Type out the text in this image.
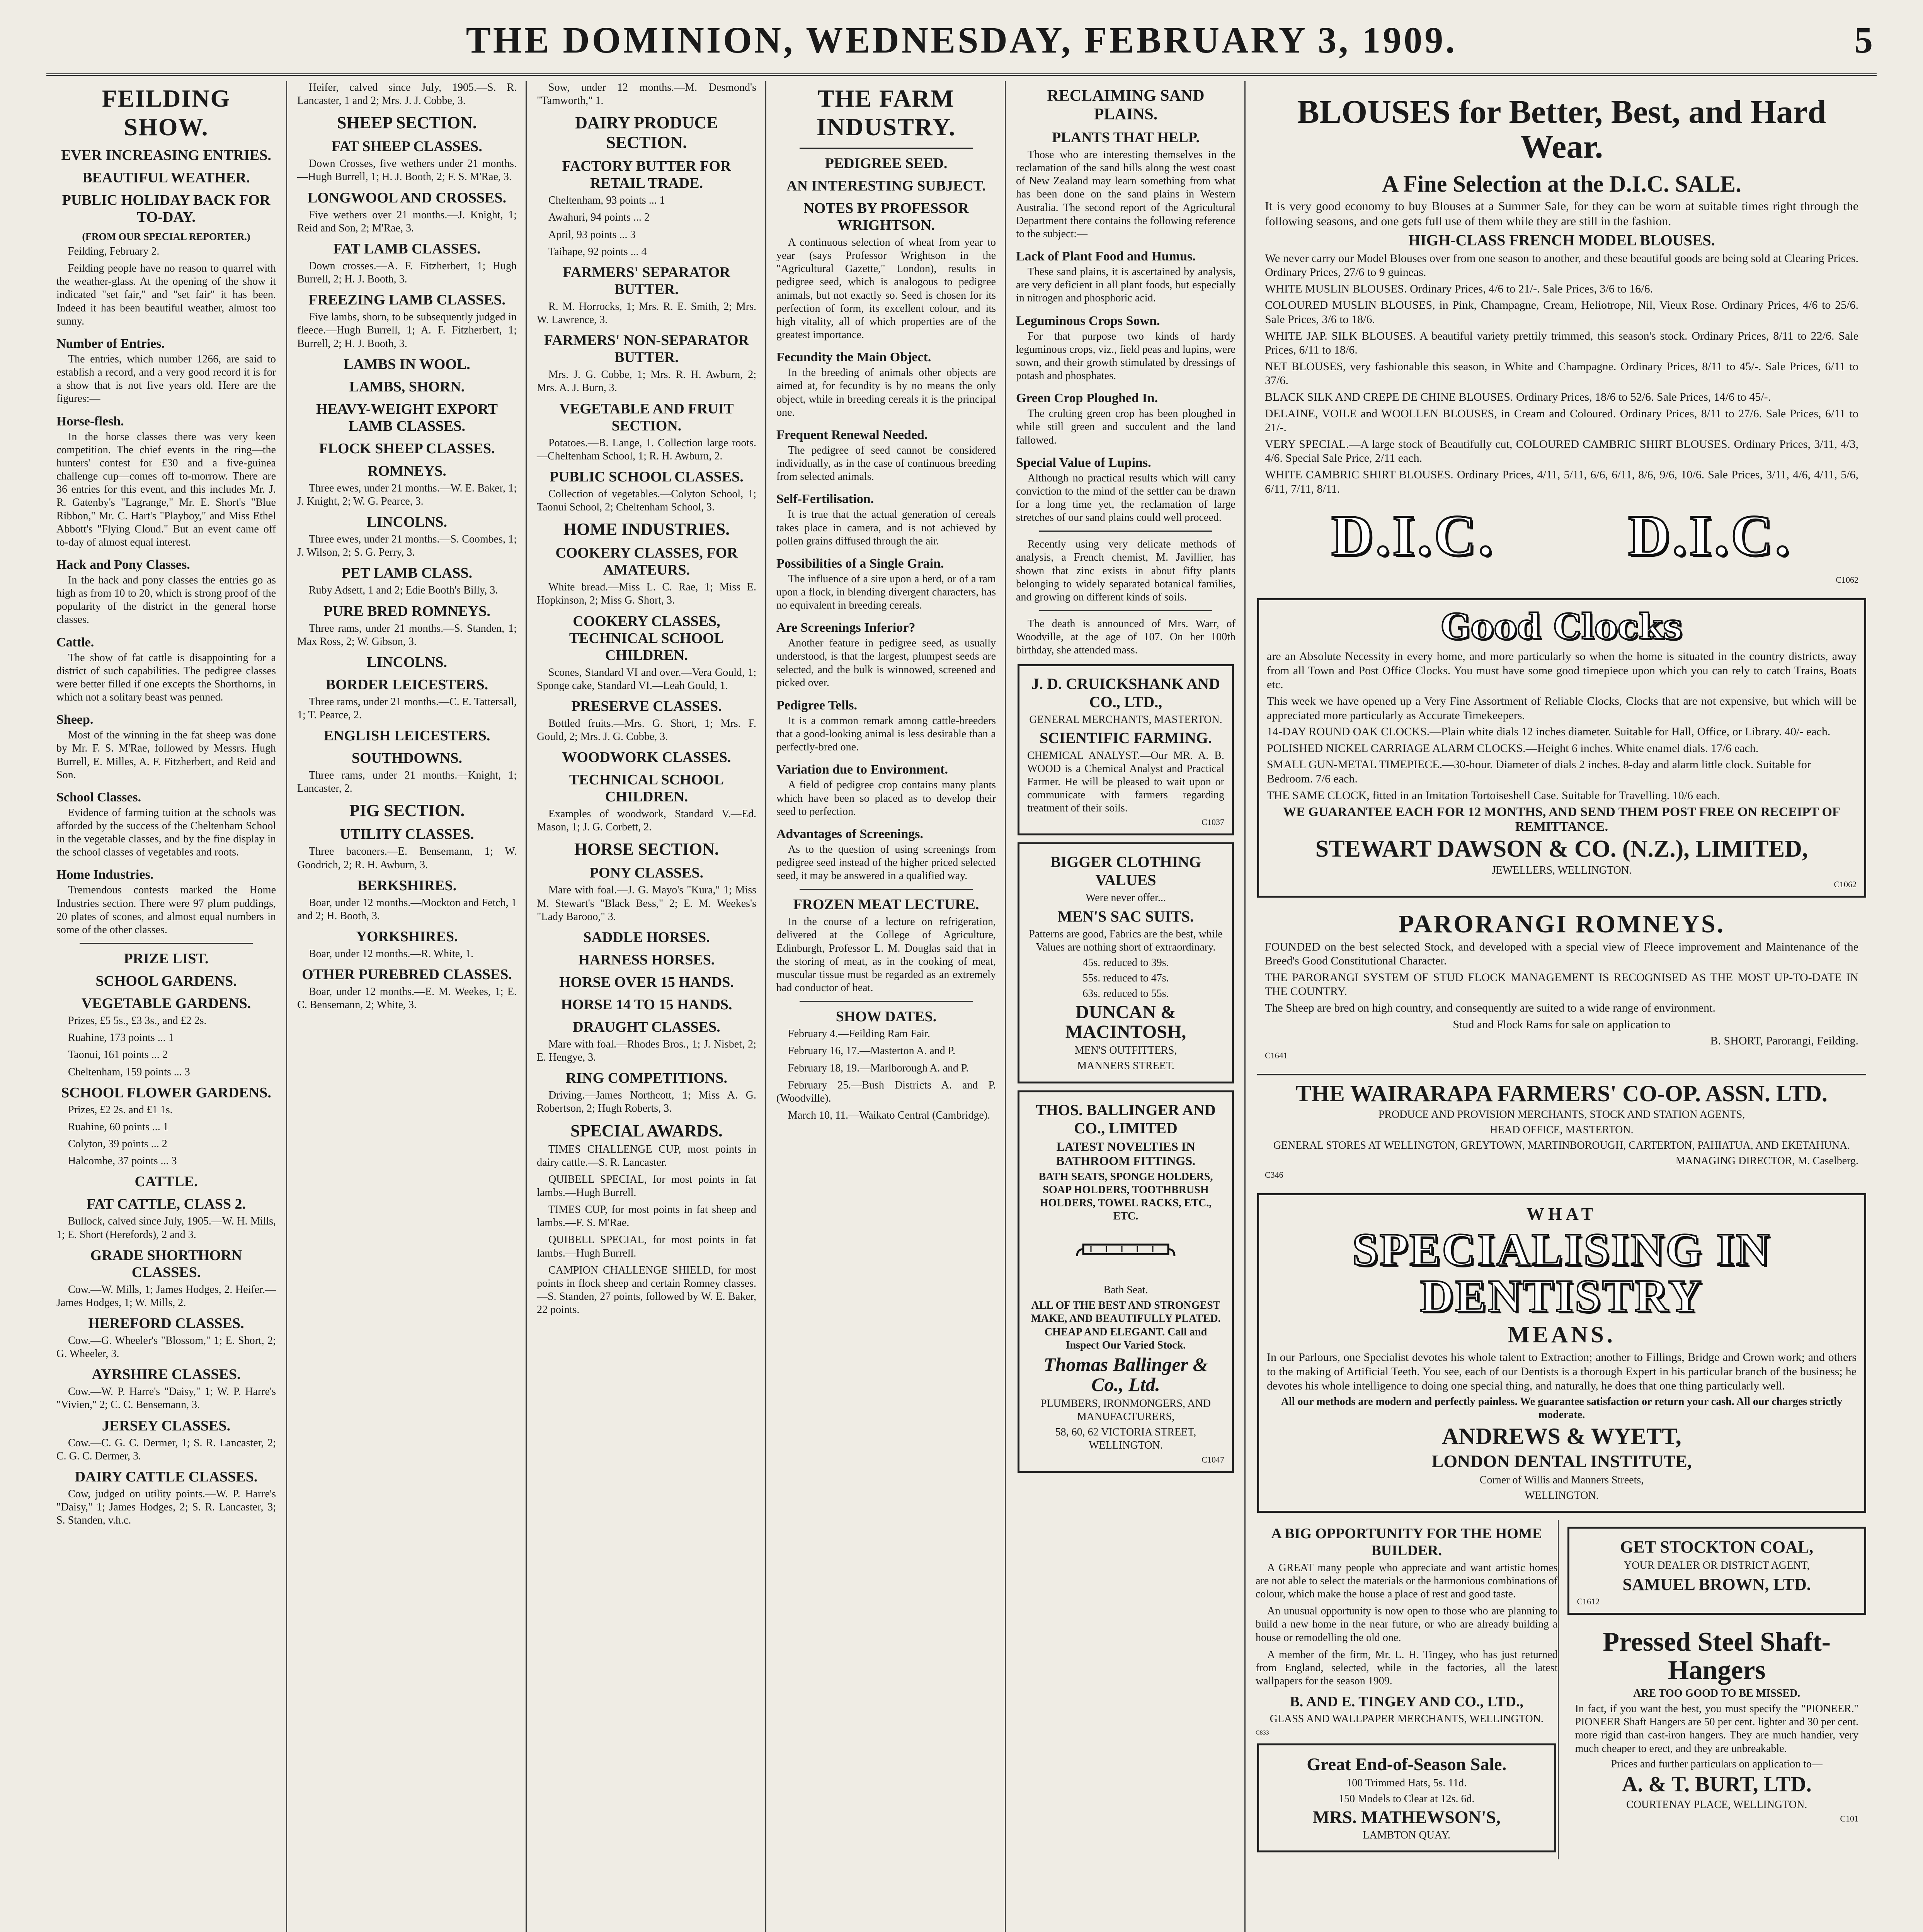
THE DOMINION, WEDNESDAY, FEBRUARY 3, 1909.	5
FEILDING SHOW.
EVER INCREASING ENTRIES.
BEAUTIFUL WEATHER.
PUBLIC HOLIDAY BACK FOR TO-DAY.
(FROM OUR SPECIAL REPORTER.)

Feilding, February 2.

Feilding people have no reason to quarrel with the weather-glass. At the opening of the show it indicated "set fair," and "set fair" it has been. Indeed it has been beautiful weather, almost too sunny.

Number of Entries.

The entries, which number 1266, are said to establish a record, and a very good record it is for a show that is not five years old. Here are the figures:—

Horse-flesh.

In the horse classes there was very keen competition. The chief events in the ring—the hunters' contest for £30 and a five-guinea challenge cup—comes off to-morrow. There are 36 entries for this event, and this includes Mr. J. R. Gatenby's "Lagrange," Mr. E. Short's "Blue Ribbon," Mr. C. Hart's "Playboy," and Miss Ethel Abbott's "Flying Cloud." But an event came off to-day of almost equal interest.

Hack and Pony Classes.

In the hack and pony classes the entries go as high as from 10 to 20, which is strong proof of the popularity of the district in the general horse classes.

Cattle.

The show of fat cattle is disappointing for a district of such capabilities. The pedigree classes were better filled if one excepts the Shorthorns, in which not a solitary beast was penned.

Sheep.

Most of the winning in the fat sheep was done by Mr. F. S. M'Rae, followed by Messrs. Hugh Burrell, E. Milles, A. F. Fitzherbert, and Reid and Son.

School Classes.

Evidence of farming tuition at the schools was afforded by the success of the Cheltenham School in the vegetable classes, and by the fine display in the school classes of vegetables and roots.

Home Industries.

Tremendous contests marked the Home Industries section. There were 97 plum puddings, 20 plates of scones, and almost equal numbers in some of the other classes.

PRIZE LIST.
SCHOOL GARDENS.
VEGETABLE GARDENS.

Prizes, £5 5s., £3 3s., and £2 2s.

Ruahine, 173 points ... 1

Taonui, 161 points ... 2

Cheltenham, 159 points ... 3

SCHOOL FLOWER GARDENS.

Prizes, £2 2s. and £1 1s.

Ruahine, 60 points ... 1

Colyton, 39 points ... 2

Halcombe, 37 points ... 3

CATTLE.
FAT CATTLE, CLASS 2.

Bullock, calved since July, 1905.—W. H. Mills, 1; E. Short (Herefords), 2 and 3.

GRADE SHORTHORN CLASSES.

Cow.—W. Mills, 1; James Hodges, 2. Heifer.—James Hodges, 1; W. Mills, 2.

HEREFORD CLASSES.

Cow.—G. Wheeler's "Blossom," 1; E. Short, 2; G. Wheeler, 3.

AYRSHIRE CLASSES.

Cow.—W. P. Harre's "Daisy," 1; W. P. Harre's "Vivien," 2; C. C. Bensemann, 3.

JERSEY CLASSES.

Cow.—C. G. C. Dermer, 1; S. R. Lancaster, 2; C. G. C. Dermer, 3.

DAIRY CATTLE CLASSES.

Cow, judged on utility points.—W. P. Harre's "Daisy," 1; James Hodges, 2; S. R. Lancaster, 3; S. Standen, v.h.c.

Heifer, calved since July, 1905.—S. R. Lancaster, 1 and 2; Mrs. J. J. Cobbe, 3.

SHEEP SECTION.
FAT SHEEP CLASSES.

Down Crosses, five wethers under 21 months.—Hugh Burrell, 1; H. J. Booth, 2; F. S. M'Rae, 3.

LONGWOOL AND CROSSES.

Five wethers over 21 months.—J. Knight, 1; Reid and Son, 2; M'Rae, 3.

FAT LAMB CLASSES.

Down crosses.—A. F. Fitzherbert, 1; Hugh Burrell, 2; H. J. Booth, 3.

FREEZING LAMB CLASSES.

Five lambs, shorn, to be subsequently judged in fleece.—Hugh Burrell, 1; A. F. Fitzherbert, 1; Burrell, 2; H. J. Booth, 3.

LAMBS IN WOOL.
LAMBS, SHORN.
HEAVY-WEIGHT EXPORT LAMB CLASSES.
FLOCK SHEEP CLASSES.
ROMNEYS.

Three ewes, under 21 months.—W. E. Baker, 1; J. Knight, 2; W. G. Pearce, 3.

LINCOLNS.

Three ewes, under 21 months.—S. Coombes, 1; J. Wilson, 2; S. G. Perry, 3.

PET LAMB CLASS.

Ruby Adsett, 1 and 2; Edie Booth's Billy, 3.

PURE BRED ROMNEYS.

Three rams, under 21 months.—S. Standen, 1; Max Ross, 2; W. Gibson, 3.

LINCOLNS.
BORDER LEICESTERS.

Three rams, under 21 months.—C. E. Tattersall, 1; T. Pearce, 2.

ENGLISH LEICESTERS.
SOUTHDOWNS.

Three rams, under 21 months.—Knight, 1; Lancaster, 2.

PIG SECTION.
UTILITY CLASSES.

Three baconers.—E. Bensemann, 1; W. Goodrich, 2; R. H. Awburn, 3.

BERKSHIRES.

Boar, under 12 months.—Mockton and Fetch, 1 and 2; H. Booth, 3.

YORKSHIRES.

Boar, under 12 months.—R. White, 1.

OTHER PUREBRED CLASSES.

Boar, under 12 months.—E. M. Weekes, 1; E. C. Bensemann, 2; White, 3.

Sow, under 12 months.—M. Desmond's "Tamworth," 1.

DAIRY PRODUCE SECTION.
FACTORY BUTTER FOR RETAIL TRADE.

Cheltenham, 93 points ... 1

Awahuri, 94 points ... 2

April, 93 points ... 3

Taihape, 92 points ... 4

FARMERS' SEPARATOR BUTTER.

R. M. Horrocks, 1; Mrs. R. E. Smith, 2; Mrs. W. Lawrence, 3.

FARMERS' NON-SEPARATOR BUTTER.

Mrs. J. G. Cobbe, 1; Mrs. R. H. Awburn, 2; Mrs. A. J. Burn, 3.

VEGETABLE AND FRUIT SECTION.

Potatoes.—B. Lange, 1. Collection large roots.—Cheltenham School, 1; R. H. Awburn, 2.

PUBLIC SCHOOL CLASSES.

Collection of vegetables.—Colyton School, 1; Taonui School, 2; Cheltenham School, 3.

HOME INDUSTRIES.
COOKERY CLASSES, FOR AMATEURS.

White bread.—Miss L. C. Rae, 1; Miss E. Hopkinson, 2; Miss G. Short, 3.

COOKERY CLASSES, TECHNICAL SCHOOL CHILDREN.

Scones, Standard VI and over.—Vera Gould, 1; Sponge cake, Standard VI.—Leah Gould, 1.

PRESERVE CLASSES.

Bottled fruits.—Mrs. G. Short, 1; Mrs. F. Gould, 2; Mrs. J. G. Cobbe, 3.

WOODWORK CLASSES.
TECHNICAL SCHOOL CHILDREN.

Examples of woodwork, Standard V.—Ed. Mason, 1; J. G. Corbett, 2.

HORSE SECTION.
PONY CLASSES.

Mare with foal.—J. G. Mayo's "Kura," 1; Miss M. Stewart's "Black Bess," 2; E. M. Weekes's "Lady Barooo," 3.

SADDLE HORSES.
HARNESS HORSES.
HORSE OVER 15 HANDS.
HORSE 14 TO 15 HANDS.
DRAUGHT CLASSES.

Mare with foal.—Rhodes Bros., 1; J. Nisbet, 2; E. Hengye, 3.

RING COMPETITIONS.

Driving.—James Northcott, 1; Miss A. G. Robertson, 2; Hugh Roberts, 3.

SPECIAL AWARDS.

TIMES CHALLENGE CUP, most points in dairy cattle.—S. R. Lancaster.

QUIBELL SPECIAL, for most points in fat lambs.—Hugh Burrell.

TIMES CUP, for most points in fat sheep and lambs.—F. S. M'Rae.

QUIBELL SPECIAL, for most points in fat lambs.—Hugh Burrell.

CAMPION CHALLENGE SHIELD, for most points in flock sheep and certain Romney classes.—S. Standen, 27 points, followed by W. E. Baker, 22 points.

THE FARM INDUSTRY.
PEDIGREE SEED.
AN INTERESTING SUBJECT.
NOTES BY PROFESSOR WRIGHTSON.

A continuous selection of wheat from year to year (says Professor Wrightson in the "Agricultural Gazette," London), results in pedigree seed, which is analogous to pedigree animals, but not exactly so. Seed is chosen for its perfection of form, its excellent colour, and its high vitality, all of which properties are of the greatest importance.

Fecundity the Main Object.

In the breeding of animals other objects are aimed at, for fecundity is by no means the only object, while in breeding cereals it is the principal one.

Frequent Renewal Needed.

The pedigree of seed cannot be considered individually, as in the case of continuous breeding from selected animals.

Self-Fertilisation.

It is true that the actual generation of cereals takes place in camera, and is not achieved by pollen grains diffused through the air.

Possibilities of a Single Grain.

The influence of a sire upon a herd, or of a ram upon a flock, in blending divergent characters, has no equivalent in breeding cereals.

Are Screenings Inferior?

Another feature in pedigree seed, as usually understood, is that the largest, plumpest seeds are selected, and the bulk is winnowed, screened and picked over.

Pedigree Tells.

It is a common remark among cattle-breeders that a good-looking animal is less desirable than a perfectly-bred one.

Variation due to Environment.

A field of pedigree crop contains many plants which have been so placed as to develop their seed to perfection.

Advantages of Screenings.

As to the question of using screenings from pedigree seed instead of the higher priced selected seed, it may be answered in a qualified way.

FROZEN MEAT LECTURE.

In the course of a lecture on refrigeration, delivered at the College of Agriculture, Edinburgh, Professor L. M. Douglas said that in the storing of meat, as in the cooking of meat, muscular tissue must be regarded as an extremely bad conductor of heat.

SHOW DATES.

February 4.—Feilding Ram Fair.

February 16, 17.—Masterton A. and P.

February 18, 19.—Marlborough A. and P.

February 25.—Bush Districts A. and P. (Woodville).

March 10, 11.—Waikato Central (Cambridge).

RECLAIMING SAND PLAINS.
PLANTS THAT HELP.

Those who are interesting themselves in the reclamation of the sand hills along the west coast of New Zealand may learn something from what has been done on the sand plains in Western Australia. The second report of the Agricultural Department there contains the following reference to the subject:—

Lack of Plant Food and Humus.

These sand plains, it is ascertained by analysis, are very deficient in all plant foods, but especially in nitrogen and phosphoric acid.

Leguminous Crops Sown.

For that purpose two kinds of hardy leguminous crops, viz., field peas and lupins, were sown, and their growth stimulated by dressings of potash and phosphates.

Green Crop Ploughed In.

The crulting green crop has been ploughed in while still green and succulent and the land fallowed.

Special Value of Lupins.

Although no practical results which will carry conviction to the mind of the settler can be drawn for a long time yet, the reclamation of large stretches of our sand plains could well proceed.

Recently using very delicate methods of analysis, a French chemist, M. Javillier, has shown that zinc exists in about fifty plants belonging to widely separated botanical families, and growing on different kinds of soils.

The death is announced of Mrs. Warr, of Woodville, at the age of 107. On her 100th birthday, she attended mass.

J. D. CRUICKSHANK AND CO., LTD.,
GENERAL MERCHANTS, MASTERTON.
SCIENTIFIC FARMING.
CHEMICAL ANALYST.—Our MR. A. B. WOOD is a Chemical Analyst and Practical Farmer. He will be pleased to wait upon or communicate with farmers regarding treatment of their soils.
C1037
BIGGER CLOTHING VALUES
Were never offer...
MEN'S SAC SUITS.
Patterns are good, Fabrics are the best, while Values are nothing short of extraordinary.
45s. reduced to 39s.
55s. reduced to 47s.
63s. reduced to 55s.
DUNCAN & MACINTOSH,
MEN'S OUTFITTERS,
MANNERS STREET.
THOS. BALLINGER AND CO., LIMITED
LATEST NOVELTIES IN BATHROOM FITTINGS.
BATH SEATS, SPONGE HOLDERS, SOAP HOLDERS, TOOTHBRUSH HOLDERS, TOWEL RACKS, ETC., ETC.
Bath Seat.
ALL OF THE BEST AND STRONGEST MAKE, AND BEAUTIFULLY PLATED. CHEAP AND ELEGANT. Call and Inspect Our Varied Stock.
Thomas Ballinger & Co., Ltd.
PLUMBERS, IRONMONGERS, AND MANUFACTURERS,
58, 60, 62 VICTORIA STREET, WELLINGTON.
C1047
BLOUSES for Better, Best, and Hard Wear.
A Fine Selection at the D.I.C. SALE.
It is very good economy to buy Blouses at a Summer Sale, for they can be worn at suitable times right through the following seasons, and one gets full use of them while they are still in the fashion.
HIGH-CLASS FRENCH MODEL BLOUSES.
We never carry our Model Blouses over from one season to another, and these beautiful goods are being sold at Clearing Prices. Ordinary Prices, 27/6 to 9 guineas.
WHITE MUSLIN BLOUSES. Ordinary Prices, 4/6 to 21/-. Sale Prices, 3/6 to 16/6.
COLOURED MUSLIN BLOUSES, in Pink, Champagne, Cream, Heliotrope, Nil, Vieux Rose. Ordinary Prices, 4/6 to 25/6. Sale Prices, 3/6 to 18/6.
WHITE JAP. SILK BLOUSES. A beautiful variety prettily trimmed, this season's stock. Ordinary Prices, 8/11 to 22/6. Sale Prices, 6/11 to 18/6.
NET BLOUSES, very fashionable this season, in White and Champagne. Ordinary Prices, 8/11 to 45/-. Sale Prices, 6/11 to 37/6.
BLACK SILK AND CREPE DE CHINE BLOUSES. Ordinary Prices, 18/6 to 52/6. Sale Prices, 14/6 to 45/-.
DELAINE, VOILE and WOOLLEN BLOUSES, in Cream and Coloured. Ordinary Prices, 8/11 to 27/6. Sale Prices, 6/11 to 21/-.
VERY SPECIAL.—A large stock of Beautifully cut, COLOURED CAMBRIC SHIRT BLOUSES. Ordinary Prices, 3/11, 4/3, 4/6. Special Sale Price, 2/11 each.
WHITE CAMBRIC SHIRT BLOUSES. Ordinary Prices, 4/11, 5/11, 6/6, 6/11, 8/6, 9/6, 10/6. Sale Prices, 3/11, 4/6, 4/11, 5/6, 6/11, 7/11, 8/11.
D.I.C. D.I.C.
C1062
Good Clocks
are an Absolute Necessity in every home, and more particularly so when the home is situated in the country districts, away from all Town and Post Office Clocks. You must have some good timepiece upon which you can rely to catch Trains, Boats etc.
This week we have opened up a Very Fine Assortment of Reliable Clocks, Clocks that are not expensive, but which will be appreciated more particularly as Accurate Timekeepers.
14-DAY ROUND OAK CLOCKS.—Plain white dials 12 inches diameter. Suitable for Hall, Office, or Library. 40/- each.
POLISHED NICKEL CARRIAGE ALARM CLOCKS.—Height 6 inches. White enamel dials. 17/6 each.
SMALL GUN-METAL TIMEPIECE.—30-hour. Diameter of dials 2 inches. 8-day and alarm little clock. Suitable for Bedroom. 7/6 each.
THE SAME CLOCK, fitted in an Imitation Tortoiseshell Case. Suitable for Travelling. 10/6 each.
WE GUARANTEE EACH FOR 12 MONTHS, AND SEND THEM POST FREE ON RECEIPT OF REMITTANCE.
STEWART DAWSON & CO. (N.Z.), LIMITED,
JEWELLERS, WELLINGTON.
C1062
PARORANGI ROMNEYS.
FOUNDED on the best selected Stock, and developed with a special view of Fleece improvement and Maintenance of the Breed's Good Constitutional Character.
THE PARORANGI SYSTEM OF STUD FLOCK MANAGEMENT IS RECOGNISED AS THE MOST UP-TO-DATE IN THE COUNTRY.
The Sheep are bred on high country, and consequently are suited to a wide range of environment.
Stud and Flock Rams for sale on application to
B. SHORT, Parorangi, Feilding.
C1641
THE WAIRARAPA FARMERS' CO-OP. ASSN. LTD.
PRODUCE AND PROVISION MERCHANTS, STOCK AND STATION AGENTS,
HEAD OFFICE, MASTERTON.
GENERAL STORES AT WELLINGTON, GREYTOWN, MARTINBOROUGH, CARTERTON, PAHIATUA, AND EKETAHUNA.
MANAGING DIRECTOR, M. Caselberg.
C346
WHAT
SPECIALISING IN DENTISTRY
MEANS.
In our Parlours, one Specialist devotes his whole talent to Extraction; another to Fillings, Bridge and Crown work; and others to the making of Artificial Teeth. You see, each of our Dentists is a thorough Expert in his particular branch of the business; he devotes his whole intelligence to doing one special thing, and naturally, he does that one thing particularly well.
All our methods are modern and perfectly painless. We guarantee satisfaction or return your cash. All our charges strictly moderate.
ANDREWS & WYETT,
LONDON DENTAL INSTITUTE,
Corner of Willis and Manners Streets,
WELLINGTON.
A BIG OPPORTUNITY FOR THE HOME BUILDER.

A GREAT many people who appreciate and want artistic homes are not able to select the materials or the harmonious combinations of colour, which make the house a place of rest and good taste.

An unusual opportunity is now open to those who are planning to build a new home in the near future, or who are already building a house or remodelling the old one.

A member of the firm, Mr. L. H. Tingey, who has just returned from England, selected, while in the factories, all the latest wallpapers for the season 1909.

B. AND E. TINGEY AND CO., LTD.,

GLASS AND WALLPAPER MERCHANTS, WELLINGTON.

C833
Great End-of-Season Sale.
100 Trimmed Hats, 5s. 11d.
150 Models to Clear at 12s. 6d.
MRS. MATHEWSON'S,
LAMBTON QUAY.
GET STOCKTON COAL,
YOUR DEALER OR DISTRICT AGENT,
SAMUEL BROWN, LTD.
C1612
Pressed Steel Shaft-Hangers
ARE TOO GOOD TO BE MISSED.
In fact, if you want the best, you must specify the "PIONEER." PIONEER Shaft Hangers are 50 per cent. lighter and 30 per cent. more rigid than cast-iron hangers. They are much handier, very much cheaper to erect, and they are unbreakable.
Prices and further particulars on application to—
A. & T. BURT, LTD.
COURTENAY PLACE, WELLINGTON.
C101
